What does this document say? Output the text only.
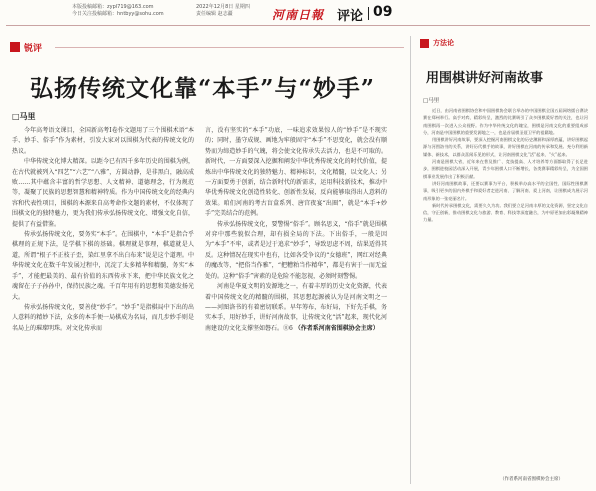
本版投稿邮箱：zypl719@163.com
今日关注投稿邮箱：hntbyy@sohu.com
2022年12月8日 星期四
责任编辑 赵志疆	河南日報 评论 09
锐评
弘扬传统文化靠“本手”与“妙手”
□马里

今年高考语文课目，全国新高考Ⅰ卷作文题用了三个围棋术语“本手、妙手、俗手”作为素材，引发大家对以围棋为代表的传统文化的热议。

中华传统文化博大精深。以距今已有四千多年历史的围棋为例，在古代就被列入“四艺”“六艺”“八雅”，方圆动静，是非黑白，融高成败……其中蕴含丰富的哲学思想、人文精神、道德理念，行为规范等，凝聚了民族的思想智慧和精神特质。作为中国传统文化的经典内容和代表性项目，围棋的本源来自高考命作文题的素材，不仅体现了围棋文化的独特魅力，更为我们传承弘扬传统文化、增强文化自信，提供了有益借鉴。

传承弘扬传统文化，要务实“本手”。在围棋中，“本手”是指合乎棋理的正规下法，是学棋下棋的基础。棋理就是事理，棋道就是人道，所谓“根子不正枝子歪，染红里拿不出白布来”说是这个道理。中华传统文化在数千年发展过程中，沉淀了太多精华和精髓，务实“本手”，才能把最美的、最有价值的东西传承下来，把中华民族文化之魂留在子子孙孙中，保持民族之魂。千百年用有的思想和美德发扬光大。

传承弘扬传统文化，要善使“妙手”。“妙手”是指棋局中下出的出人意料的精妙下法，众多的本手便一局棋成为名局，而几步妙手则是名局上的璀璨明珠。对文化传承而

言，没有坚实的“本手”功底，一味追求效果惊人的“妙手”是不现实的；同时，墨守成规、画地为牢般固守“本手”不思变化，就会没有顺势而为缔造妙手的气魄，将会使文化传承失去活力，也是不可取的。新时代，一方面要深入挖掘和阐发中华优秀传统文化的时代价值，提炼出中华传统文化的独特魅力、精神标识，文化精髓，以文化人；另一方面要勇于创新，结合新时代的新需求，运用科技新技术，推动中华优秀传统文化创造性转化、创新性发展，反向能够取得出人意料的效果。咱们河南的考古盲盒系列、唐宫夜宴“出圈”，就是“本手+妙手”完美结合的范例。

传承弘扬传统文化，要警惕“俗手”。顾名思义，“俗手”就是围棋对弈中那些貌似合理，却有损全局的下法。下出俗手，一般是因为“本手”不牢，或者是过于追求“妙手”，导致思虑不周，结果适得其反。这种情况在现实中也有，比如各受争议的“女德班”，网红对经典的魔改等，“把俗当作雅”，“把糟粕当作精华”，都是有害于一而无益处的。这种“俗手”害素的是危险不能忽视，必须时刻警惕。

河南是华夏文明的发源地之一，有着丰厚的历史文化资源，代表着中国传统文化的精髓的围棋，其思想起源被认为是河南文明之一——河图洛书的有着密切联系。早年筹布，布好局，下好先手棋，务实本手，用好妙手，讲好河南故事，让传统文化“活”起来，现代化河南建设的文化支撑坚如磐石。⑪6 （作者系河南省围棋协会主席）

方法论
用围棋讲好河南故事
□马里

近日，由河南省围棋协会和中国围棋协会联合举办的中国围棋全国五届网络擂台赛决赛在郑州举行。高手对弈，精彩纷呈，激烈的比赛吸引了众多围棋爱好者的关注，也让河南围棋再一次进入公众视野。作为中华传统文化的瑰宝，围棋是河南文化的重要组成部分，河南是中国围棋的重要发源地之一，也是首届棋圣聂卫平的祖籍地。

用围棋讲好河南故事，要深入挖掘河南围棋文化的历史渊源和深厚底蕴，讲好围棋起源与河图洛书的关系，讲好历代棋手的故事，讲好围棋在河南的传承和发展。充分利用新媒体、新技术，以群众喜闻乐见的形式，让河南围棋文化“活”起来、“火”起来。

河南是围棋大省，近年来在普及推广、竞技提高、人才培养等方面都取得了长足进步，围棋进校园活动深入开展，青少年围棋人口不断增长，各类赛事精彩纷呈，为全国围棋事业发展作出了积极贡献。

讲好河南围棋故事，还要以赛事为平台，积极举办高水平的全国性、国际性围棋赛事，吸引更多的国内外棋手和爱好者走进河南、了解河南、爱上河南，让围棋成为展示河南形象的一张亮丽名片。

新时代传承围棋文化，需要久久为功。我们要立足河南丰厚的文化资源，坚定文化自信，守正创新，推动围棋文化与旅游、教育、科技等深度融合，为中原更加出彩凝聚精神力量。

（作者系河南省围棋协会主席）
